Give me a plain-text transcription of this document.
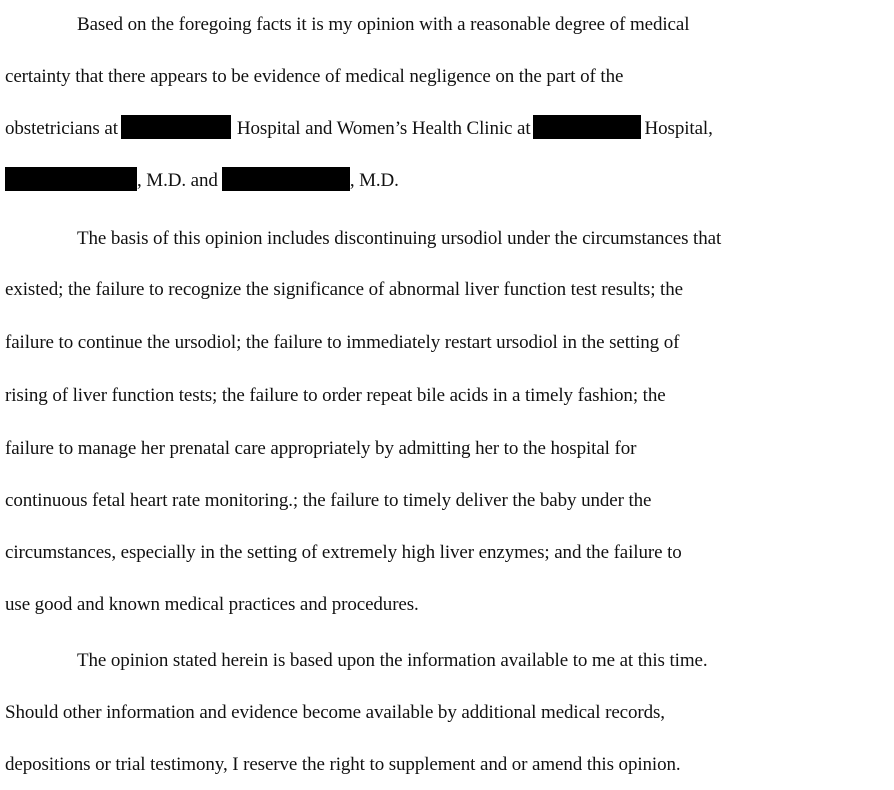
Based on the foregoing facts it is my opinion with a reasonable degree of medical
certainty that there appears to be evidence of medical negligence on the part of the
obstetricians at	Hospital and Women’s Health Clinic at	Hospital,
, M.D. and	, M.D.
The basis of this opinion includes discontinuing ursodiol under the circumstances that
existed; the failure to recognize the significance of abnormal liver function test results; the
failure to continue the ursodiol; the failure to immediately restart ursodiol in the setting of
rising of liver function tests; the failure to order repeat bile acids in a timely fashion; the
failure to manage her prenatal care appropriately by admitting her to the hospital for
continuous fetal heart rate monitoring.; the failure to timely deliver the baby under the
circumstances, especially in the setting of extremely high liver enzymes; and the failure to
use good and known medical practices and procedures.
The opinion stated herein is based upon the information available to me at this time.
Should other information and evidence become available by additional medical records,
depositions or trial testimony, I reserve the right to supplement and or amend this opinion.
